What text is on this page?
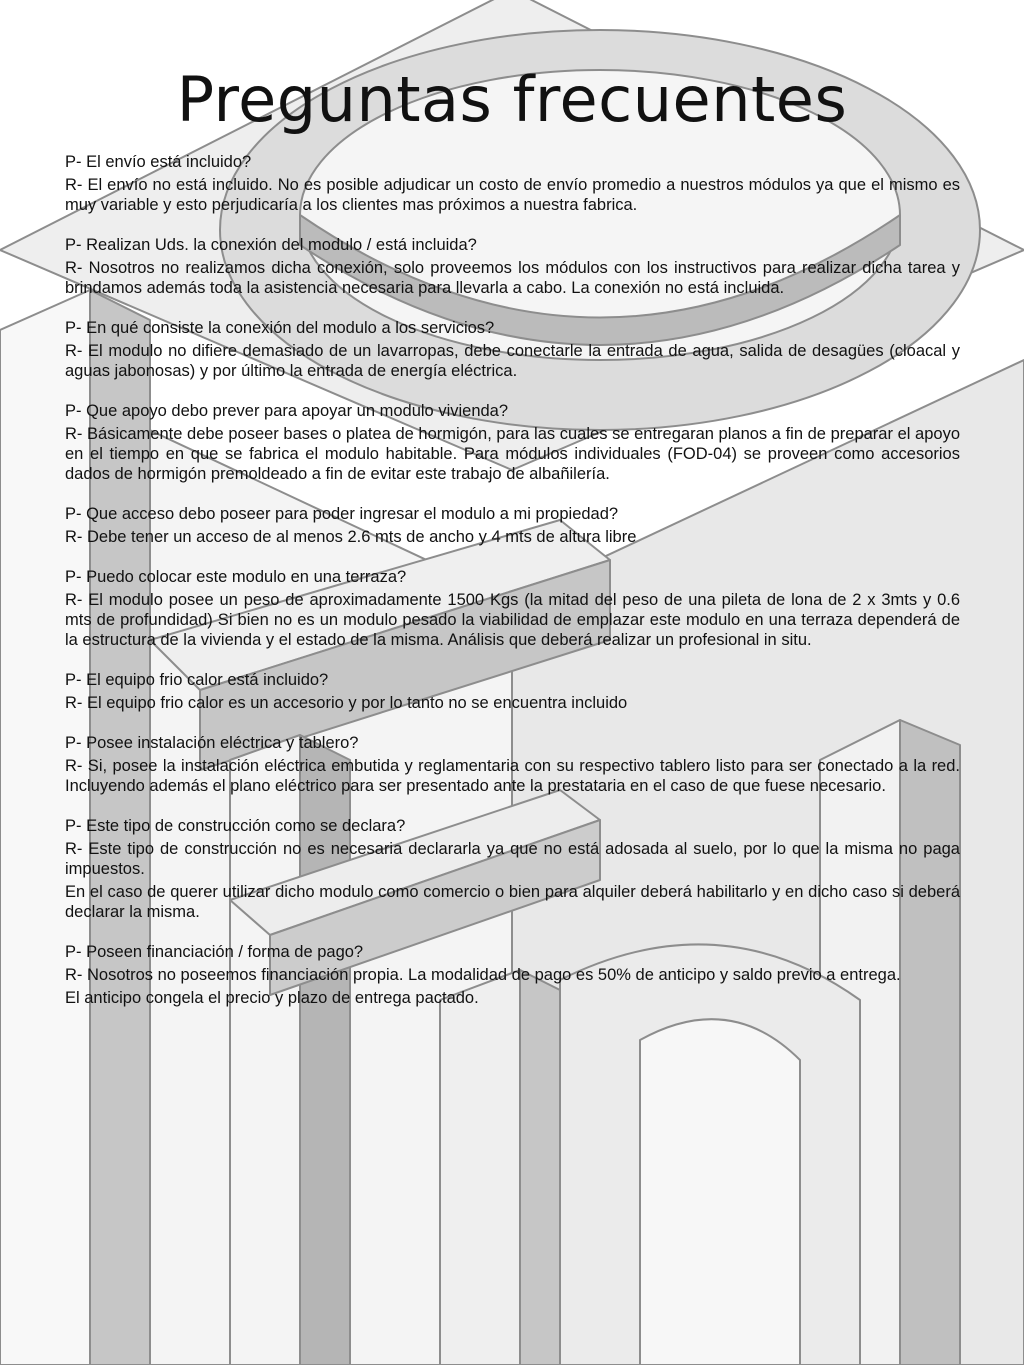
Preguntas frecuentes

P- El envío está incluido?

R- El envío no está incluido. No es posible adjudicar un costo de envío promedio a nuestros módulos ya que el mismo es muy variable y esto perjudicaría a los clientes mas próximos a nuestra fabrica.

P- Realizan Uds. la conexión del modulo / está incluida?

R- Nosotros no realizamos dicha conexión, solo proveemos los módulos con los instructivos para realizar dicha tarea y brindamos además toda la asistencia necesaria para llevarla a cabo. La conexión no está incluida.

P- En qué consiste la conexión del modulo a los servicios?

R- El modulo no difiere demasiado de un lavarropas, debe conectarle la entrada de agua, salida de desagües (cloacal y aguas jabonosas) y por último la entrada de energía eléctrica.

P- Que apoyo debo prever para apoyar un modulo vivienda?

R- Básicamente debe poseer bases o platea de hormigón, para las cuales se entregaran planos a fin de preparar el apoyo en el tiempo en que se fabrica el modulo habitable. Para módulos individuales (FOD-04) se proveen como accesorios dados de hormigón premoldeado a fin de evitar este trabajo de albañilería.

P- Que acceso debo poseer para poder ingresar el modulo a mi propiedad?

R- Debe tener un acceso de al menos 2.6 mts de ancho y 4 mts de altura libre

P- Puedo colocar este modulo en una terraza?

R- El modulo posee un peso de aproximadamente 1500 Kgs (la mitad del peso de una pileta de lona de 2 x 3mts y 0.6 mts de profundidad) Si bien no es un modulo pesado la viabilidad de emplazar este modulo en una terraza dependerá de la estructura de la vivienda y el estado de la misma. Análisis que deberá realizar un profesional in situ.

P- El equipo frio calor está incluido?

R- El equipo frio calor es un accesorio y por lo tanto no se encuentra incluido

P- Posee instalación eléctrica y tablero?

R- Si, posee la instalación eléctrica embutida y reglamentaria con su respectivo tablero listo para ser conectado a la red. Incluyendo además el plano eléctrico para ser presentado ante la prestataria en el caso de que fuese necesario.

P- Este tipo de construcción como se declara?

R- Este tipo de construcción no es necesaria declararla ya que no está adosada al suelo, por lo que la misma no paga impuestos.

En el caso de querer utilizar dicho modulo como comercio o bien para alquiler deberá habilitarlo y en dicho caso si deberá declarar la misma.

P- Poseen financiación / forma de pago?

R- Nosotros no poseemos financiación propia. La modalidad de pago es 50% de anticipo y saldo previo a entrega.

El anticipo congela el precio y plazo de entrega pactado.
